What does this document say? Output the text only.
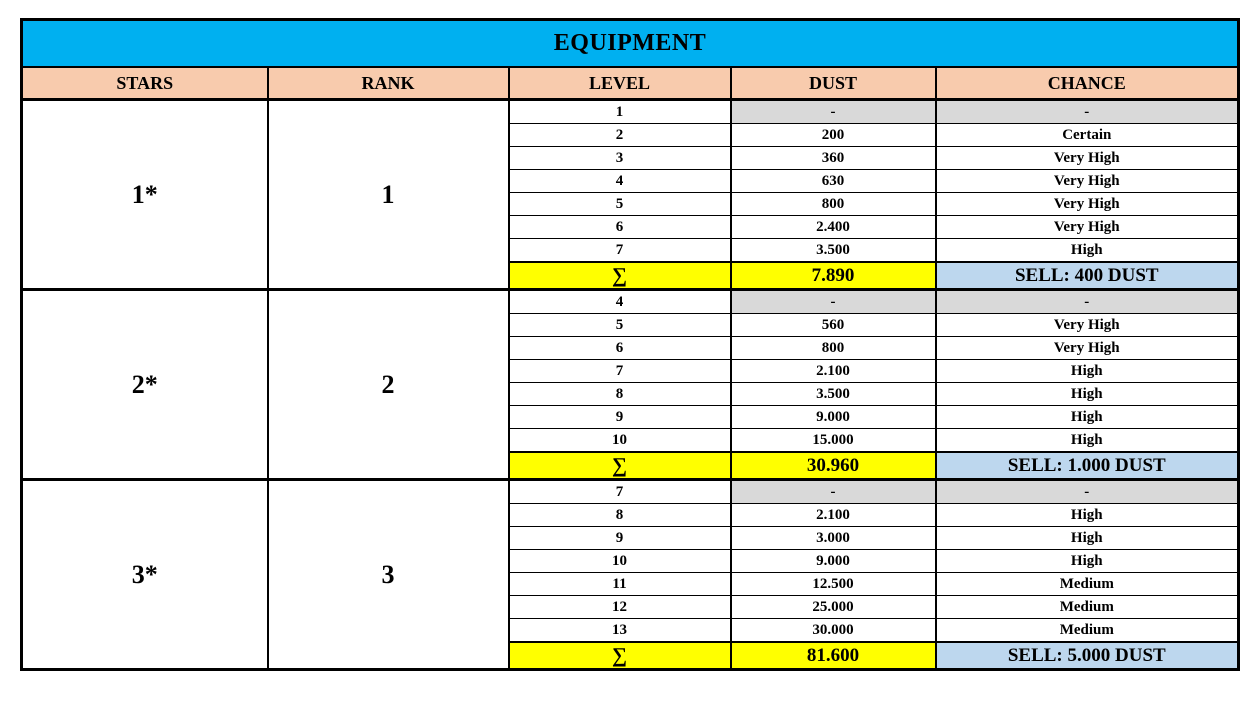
EQUIPMENT				
STARS	RANK	LEVEL	DUST	CHANCE
1*	1	1	-	-
		2	200	Certain
		3	360	Very High
		4	630	Very High
		5	800	Very High
		6	2.400	Very High
		7	3.500	High
		∑	7.890	SELL: 400 DUST
2*	2	4	-	-
		5	560	Very High
		6	800	Very High
		7	2.100	High
		8	3.500	High
		9	9.000	High
		10	15.000	High
		∑	30.960	SELL: 1.000 DUST
3*	3	7	-	-
		8	2.100	High
		9	3.000	High
		10	9.000	High
		11	12.500	Medium
		12	25.000	Medium
		13	30.000	Medium
		∑	81.600	SELL: 5.000 DUST
